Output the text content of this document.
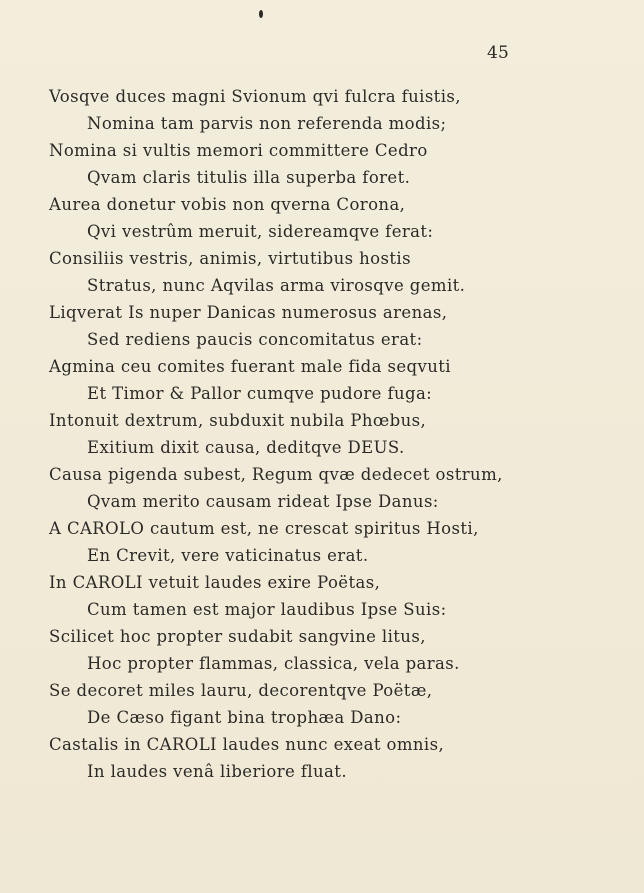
45
Vosqve duces magni Svionum qvi fulcra fuistis,
Nomina tam parvis non referenda modis;
Nomina si vultis memori committere Cedro
Qvam claris titulis illa superba foret.
Aurea donetur vobis non qverna Corona,
Qvi vestrûm meruit, sidereamqve ferat:
Consiliis vestris, animis, virtutibus hostis
Stratus, nunc Aqvilas arma virosqve gemit.
Liqverat Is nuper Danicas numerosus arenas,
Sed rediens paucis concomitatus erat:
Agmina ceu comites fuerant male fida seqvuti
Et Timor & Pallor cumqve pudore fuga:
Intonuit dextrum, subduxit nubila Phœbus,
Exitium dixit causa, deditqve DEUS.
Causa pigenda subest, Regum qvæ dedecet ostrum,
Qvam merito causam rideat Ipse Danus:
A CAROLO cautum est, ne crescat spiritus Hosti,
En Crevit, vere vaticinatus erat.
In CAROLI vetuit laudes exire Poëtas,
Cum tamen est major laudibus Ipse Suis:
Scilicet hoc propter sudabit sangvine litus,
Hoc propter flammas, classica, vela paras.
Se decoret miles lauru, decorentqve Poëtæ,
De Cæso figant bina trophæa Dano:
Castalis in CAROLI laudes nunc exeat omnis,
In laudes venâ liberiore fluat.
